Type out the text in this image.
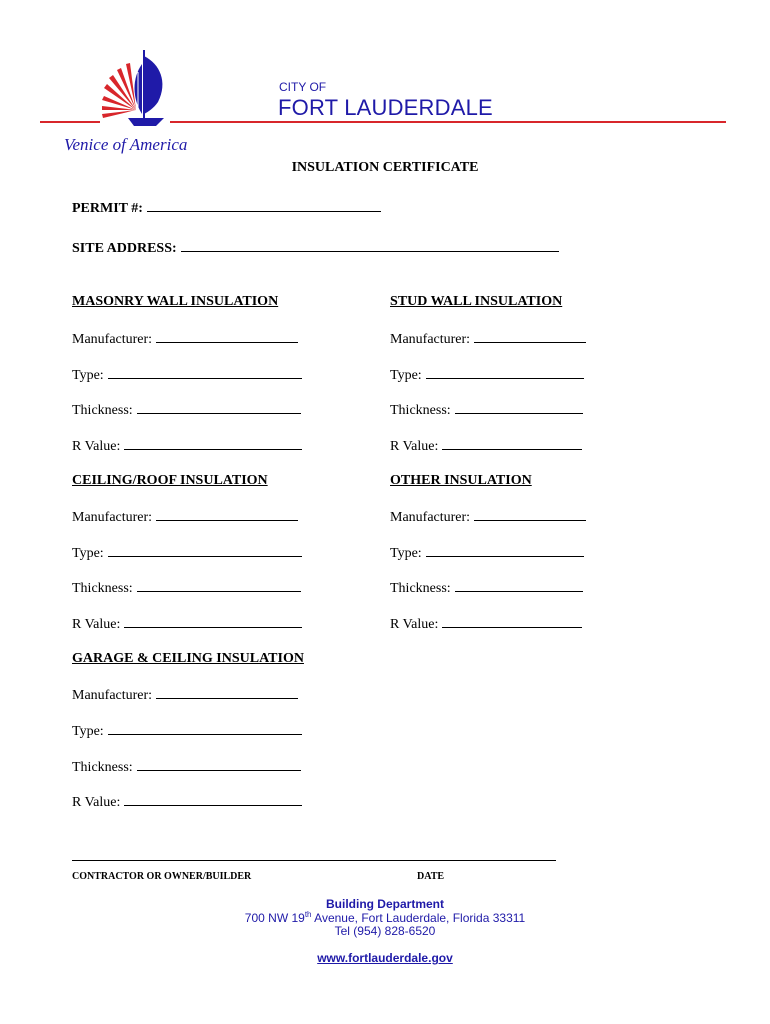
Venice of America
CITY OF
FORT LAUDERDALE
INSULATION CERTIFICATE
PERMIT #:
SITE ADDRESS:
MASONRY WALL INSULATION
Manufacturer:
Type:
Thickness:
R Value:
STUD WALL INSULATION
Manufacturer:
Type:
Thickness:
R Value:
CEILING/ROOF INSULATION
Manufacturer:
Type:
Thickness:
R Value:
OTHER INSULATION
Manufacturer:
Type:
Thickness:
R Value:
GARAGE & CEILING INSULATION
Manufacturer:
Type:
Thickness:
R Value:
CONTRACTOR OR OWNER/BUILDER	DATE
Building Department
700 NW 19th Avenue, Fort Lauderdale, Florida 33311
Tel (954) 828-6520
www.fortlauderdale.gov
